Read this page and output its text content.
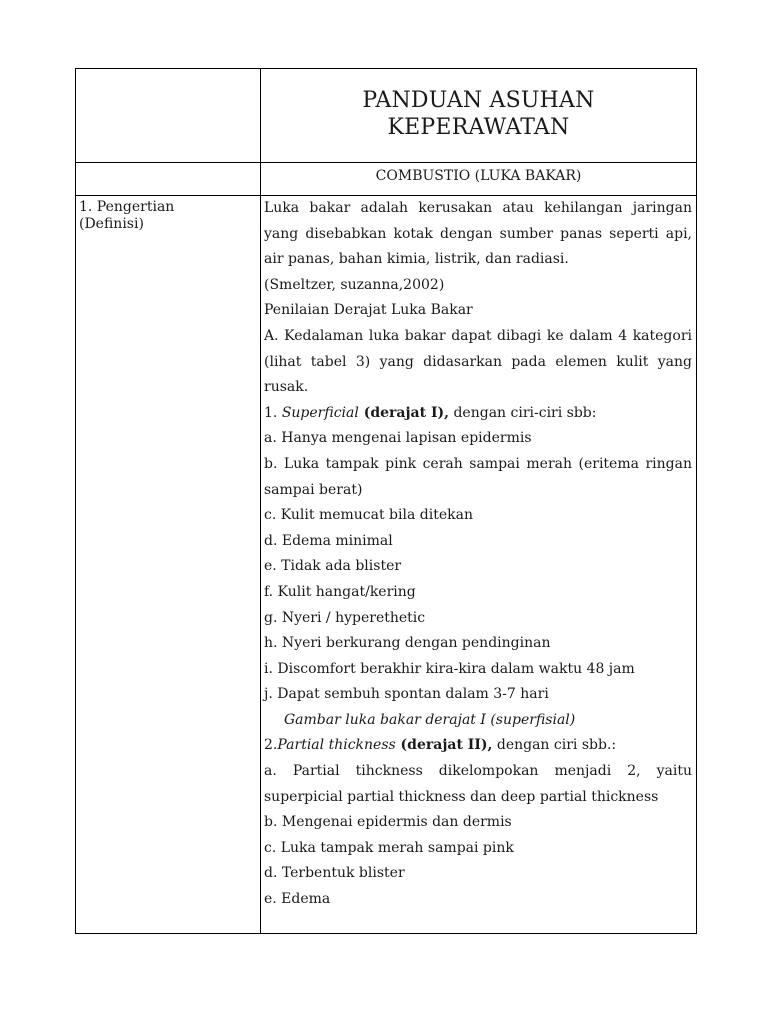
PANDUAN ASUHAN
KEPERAWATAN
COMBUSTIO (LUKA BAKAR)
1. Pengertian
(Definisi)

Luka bakar adalah kerusakan atau kehilangan jaringan yang disebabkan kotak dengan sumber panas seperti api, air panas, bahan kimia, listrik, dan radiasi.

(Smeltzer, suzanna,2002)

Penilaian Derajat Luka Bakar

A. Kedalaman luka bakar dapat dibagi ke dalam 4 kategori (lihat tabel 3) yang didasarkan pada elemen kulit yang rusak.

1. Superficial (derajat I), dengan ciri-ciri sbb:

a. Hanya mengenai lapisan epidermis

b. Luka tampak pink cerah sampai merah (eritema ringan sampai berat)

c. Kulit memucat bila ditekan

d. Edema minimal

e. Tidak ada blister

f. Kulit hangat/kering

g. Nyeri / hyperethetic

h. Nyeri berkurang dengan pendinginan

i. Discomfort berakhir kira-kira dalam waktu 48 jam

j. Dapat sembuh spontan dalam 3-7 hari

Gambar luka bakar derajat I (superfisial)

2.Partial thickness (derajat II), dengan ciri sbb.:

a. Partial tihckness dikelompokan menjadi 2, yaitu superpicial partial thickness dan deep partial thickness

b. Mengenai epidermis dan dermis

c. Luka tampak merah sampai pink

d. Terbentuk blister

e. Edema
